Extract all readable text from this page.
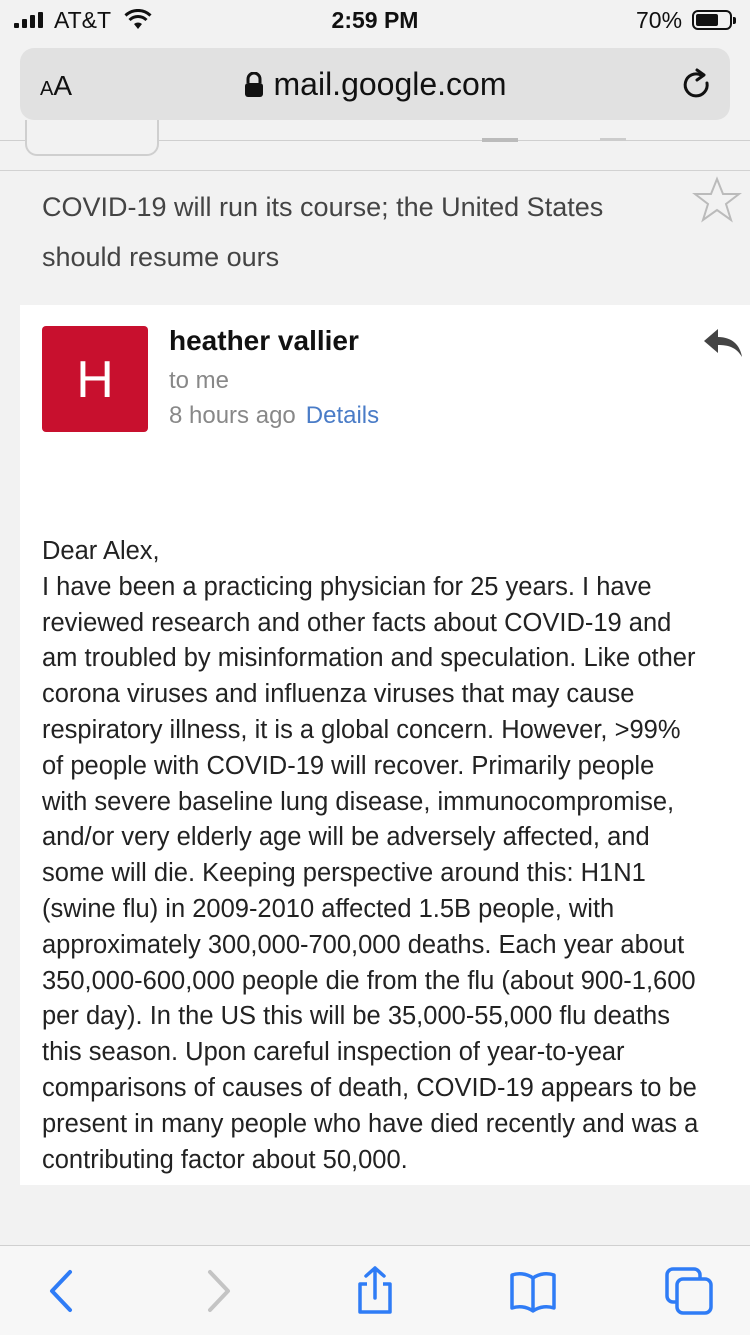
AT&T	2:59 PM	70%
AA	mail.google.com
COVID-19 will run its course; the United States should resume ours
H
heather vallier
to me
8 hours ago Details
Dear Alex,
I have been a practicing physician for 25 years. I have
reviewed research and other facts about COVID-19 and
am troubled by misinformation and speculation. Like other
corona viruses and influenza viruses that may cause
respiratory illness, it is a global concern. However, >99%
of people with COVID-19 will recover. Primarily people
with severe baseline lung disease, immunocompromise,
and/or very elderly age will be adversely affected, and
some will die. Keeping perspective around this: H1N1
(swine flu) in 2009-2010 affected 1.5B people, with
approximately 300,000-700,000 deaths. Each year about
350,000-600,000 people die from the flu (about 900-1,600
per day). In the US this will be 35,000-55,000 flu deaths
this season. Upon careful inspection of year-to-year
comparisons of causes of death, COVID-19 appears to be
present in many people who have died recently and was a
contributing factor about 50,000.
